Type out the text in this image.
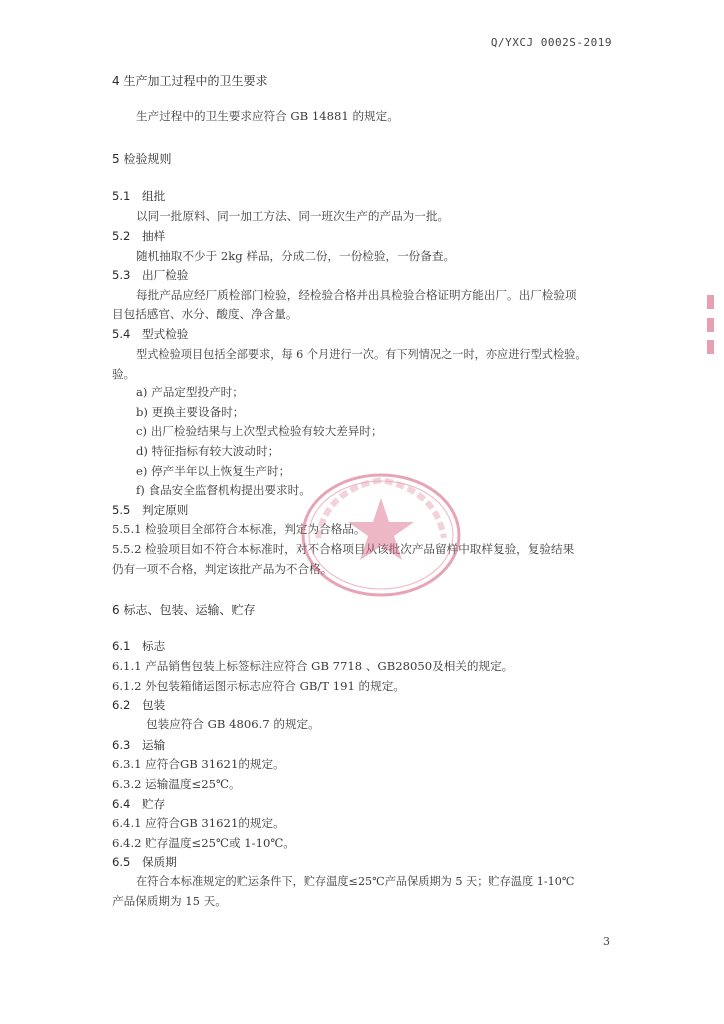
Q/YXCJ 0002S-2019
4 生产加工过程中的卫生要求
生产过程中的卫生要求应符合 GB 14881 的规定。
5 检验规则
5.1 组批
以同一批原料、同一加工方法、同一班次生产的产品为一批。
5.2 抽样
随机抽取不少于 2kg 样品，分成二份，一份检验，一份备查。
5.3 出厂检验
每批产品应经厂质检部门检验，经检验合格并出具检验合格证明方能出厂。出厂检验项
目包括感官、水分、酸度、净含量。
5.4 型式检验
型式检验项目包括全部要求，每 6 个月进行一次。有下列情况之一时，亦应进行型式检验。
验。
a) 产品定型投产时；
b) 更换主要设备时；
c) 出厂检验结果与上次型式检验有较大差异时；
d) 特征指标有较大波动时；
e) 停产半年以上恢复生产时；
f) 食品安全监督机构提出要求时。
5.5 判定原则
5.5.1 检验项目全部符合本标准，判定为合格品。
5.5.2 检验项目如不符合本标准时，对不合格项目从该批次产品留样中取样复验，复验结果
仍有一项不合格，判定该批产品为不合格。
6 标志、包装、运输、贮存
6.1 标志
6.1.1 产品销售包装上标签标注应符合 GB 7718 、GB28050及相关的规定。
6.1.2 外包装箱储运图示标志应符合 GB/T 191 的规定。
6.2 包装
包装应符合 GB 4806.7 的规定。
6.3 运输
6.3.1 应符合GB 31621的规定。
6.3.2 运输温度≤25℃。
6.4 贮存
6.4.1 应符合GB 31621的规定。
6.4.2 贮存温度≤25℃或 1-10℃。
6.5 保质期
在符合本标准规定的贮运条件下，贮存温度≤25℃产品保质期为 5 天；贮存温度 1-10℃
产品保质期为 15 天。
3
